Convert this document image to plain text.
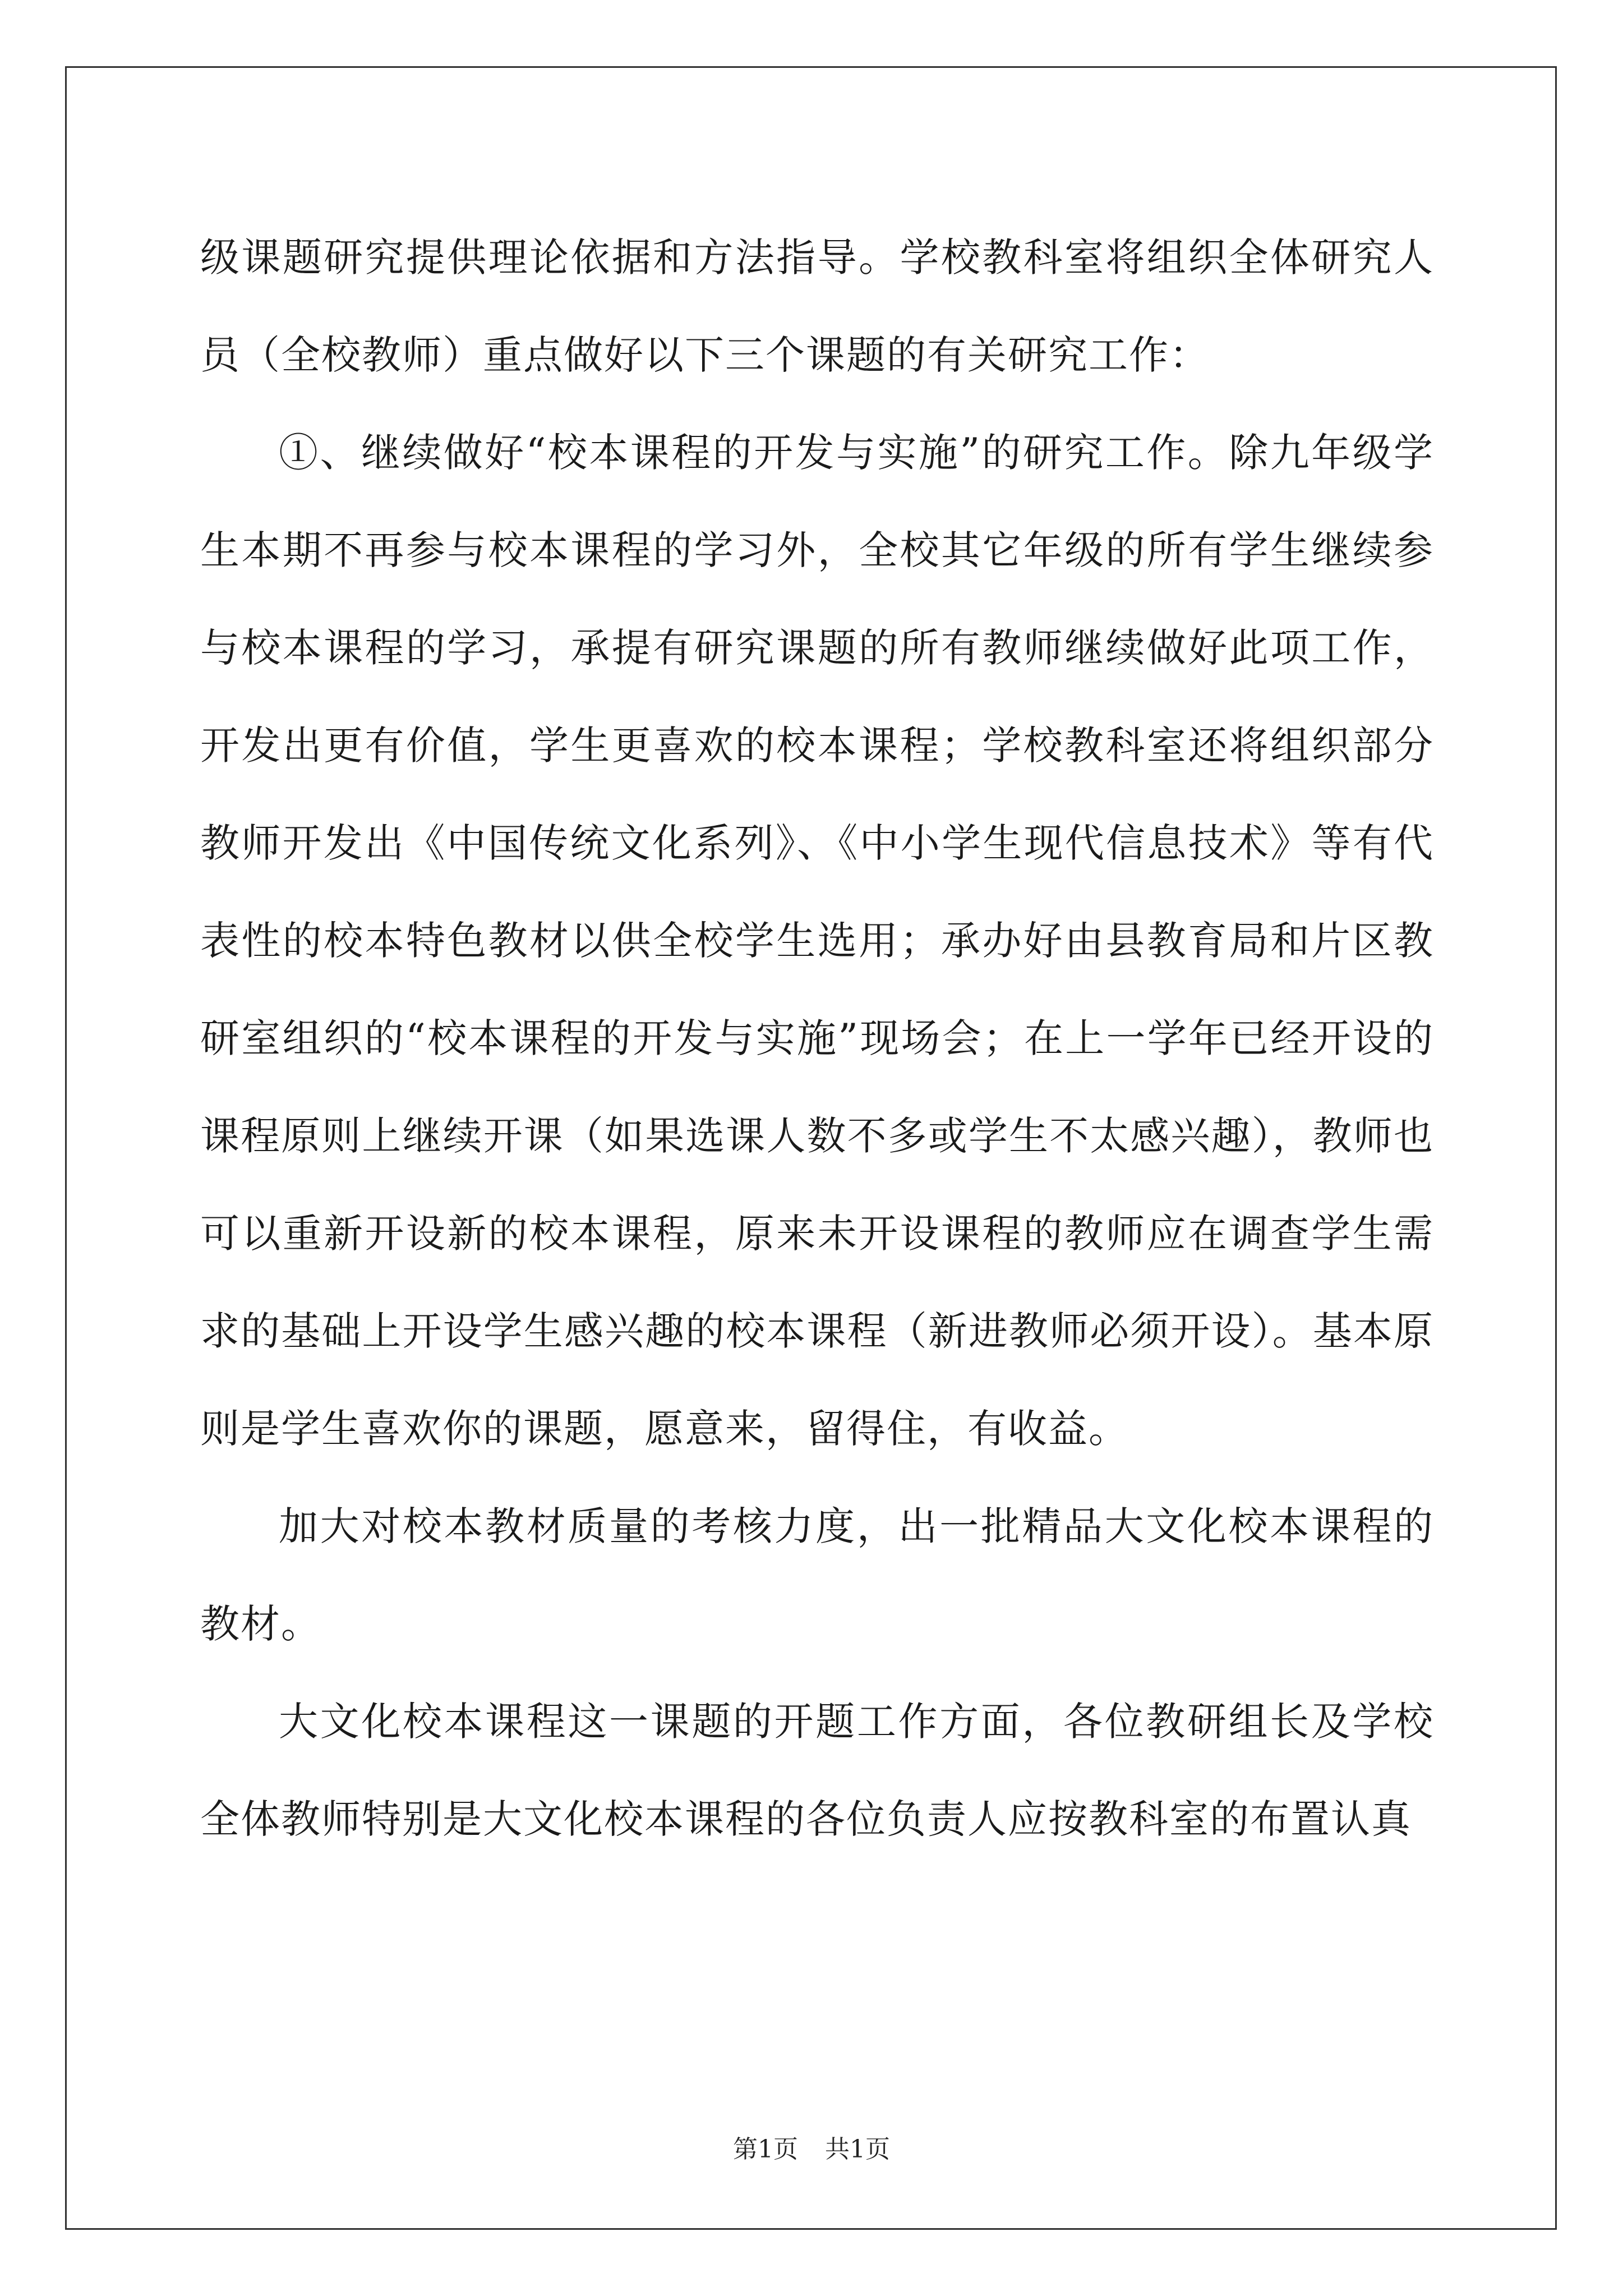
级课题研究提供理论依据和方法指导。学校教科室将组织全体研究人员（全校教师）重点做好以下三个课题的有关研究工作：

①、继续做好“校本课程的开发与实施”的研究工作。除九年级学生本期不再参与校本课程的学习外，全校其它年级的所有学生继续参与校本课程的学习，承提有研究课题的所有教师继续做好此项工作，开发出更有价值，学生更喜欢的校本课程；学校教科室还将组织部分教师开发出《中国传统文化系列》、《中小学生现代信息技术》等有代表性的校本特色教材以供全校学生选用；承办好由县教育局和片区教研室组织的“校本课程的开发与实施”现场会；在上一学年已经开设的课程原则上继续开课（如果选课人数不多或学生不太感兴趣），教师也可以重新开设新的校本课程，原来未开设课程的教师应在调查学生需求的基础上开设学生感兴趣的校本课程（新进教师必须开设）。基本原则是学生喜欢你的课题，愿意来，留得住，有收益。

加大对校本教材质量的考核力度，出一批精品大文化校本课程的教材。

大文化校本课程这一课题的开题工作方面，各位教研组长及学校全体教师特别是大文化校本课程的各位负责人应按教科室的布置认真

第1页 共1页
